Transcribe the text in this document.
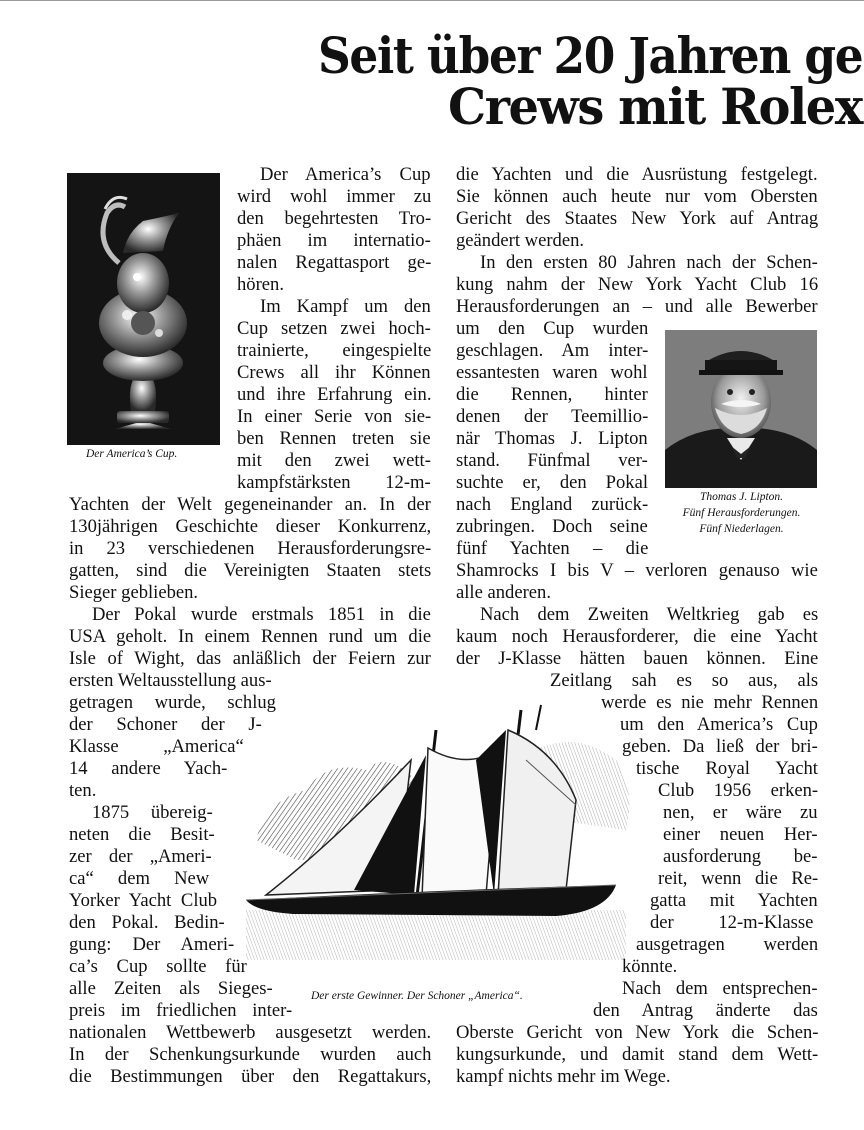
Seit über 20 Jahren ge
Crews mit Rolex
Der America’s Cup.
Thomas J. Lipton.
Fünf Herausforderungen.
Fünf Niederlagen.
Der erste Gewinner. Der Schoner „America“.
Der America’s Cup
wird wohl immer zu
den begehrtesten Tro-
phäen im internatio-
nalen Regattasport ge-
hören.
Im Kampf um den
Cup setzen zwei hoch-
trainierte, eingespielte
Crews all ihr Können
und ihre Erfahrung ein.
In einer Serie von sie-
ben Rennen treten sie
mit den zwei wett-
kampfstärksten 12-m-
Yachten der Welt gegeneinander an. In der
130jährigen Geschichte dieser Konkurrenz,
in 23 verschiedenen Herausforderungsre-
gatten, sind die Vereinigten Staaten stets
Sieger geblieben.
Der Pokal wurde erstmals 1851 in die
USA geholt. In einem Rennen rund um die
Isle of Wight, das anläßlich der Feiern zur
ersten Weltausstellung aus-
getragen wurde, schlug
der Schoner der J-
Klasse „America“
14 andere Yach-
ten.
1875 übereig-
neten die Besit-
zer der „Ameri-
ca“ dem New
Yorker Yacht Club
den Pokal. Bedin-
gung: Der Ameri-
ca’s Cup sollte für
alle Zeiten als Sieges-
preis im friedlichen inter-
nationalen Wettbewerb ausgesetzt werden.
In der Schenkungsurkunde wurden auch
die Bestimmungen über den Regattakurs,
die Yachten und die Ausrüstung festgelegt.
Sie können auch heute nur vom Obersten
Gericht des Staates New York auf Antrag
geändert werden.
In den ersten 80 Jahren nach der Schen-
kung nahm der New York Yacht Club 16
Herausforderungen an – und alle Bewerber
um den Cup wurden
geschlagen. Am inter-
essantesten waren wohl
die Rennen, hinter
denen der Teemillio-
när Thomas J. Lipton
stand. Fünfmal ver-
suchte er, den Pokal
nach England zurück-
zubringen. Doch seine
fünf Yachten – die
Shamrocks I bis V – verloren genauso wie
alle anderen.
Nach dem Zweiten Weltkrieg gab es
kaum noch Herausforderer, die eine Yacht
der J-Klasse hätten bauen können. Eine
Zeitlang sah es so aus, als
werde es nie mehr Rennen
um den America’s Cup
geben. Da ließ der bri-
tische Royal Yacht
Club 1956 erken-
nen, er wäre zu
einer neuen Her-
ausforderung be-
reit, wenn die Re-
gatta mit Yachten
der 12-m-Klasse
ausgetragen werden
könnte.
Nach dem entsprechen-
den Antrag änderte das
Oberste Gericht von New York die Schen-
kungsurkunde, und damit stand dem Wett-
kampf nichts mehr im Wege.
